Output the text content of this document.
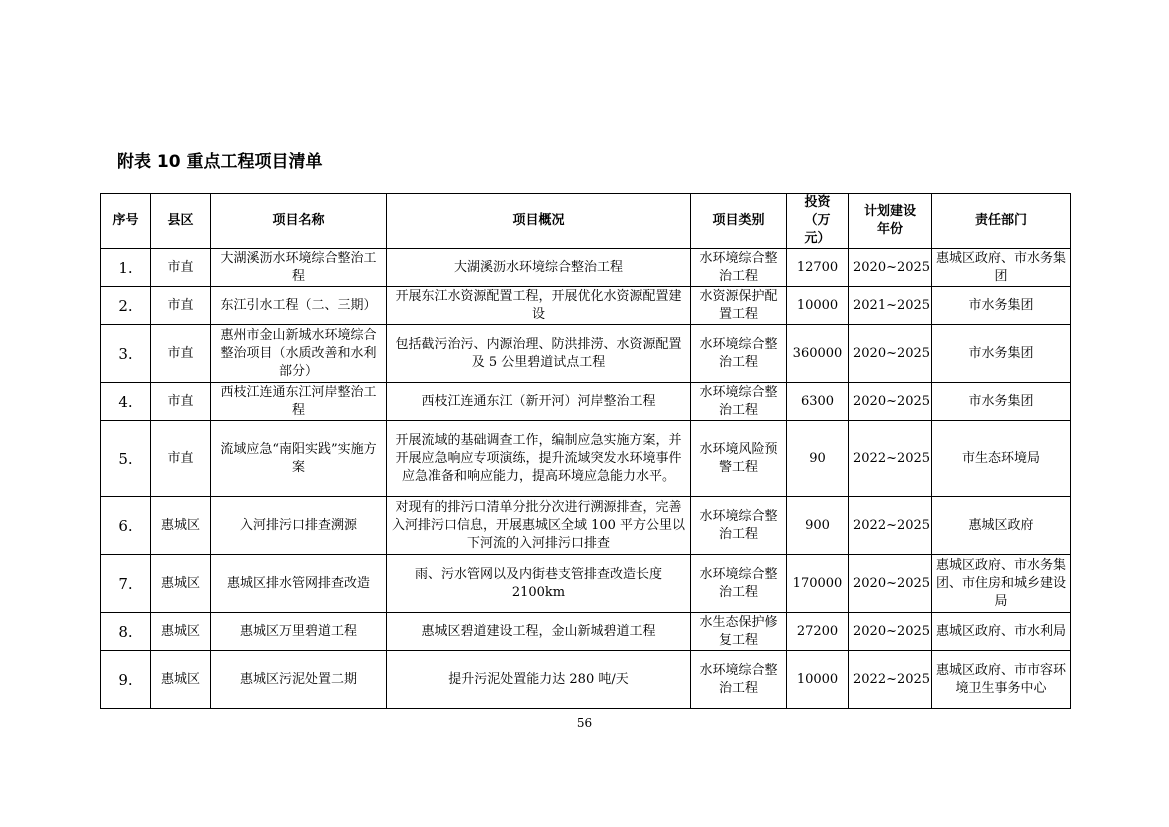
附表 10 重点工程项目清单
序号	县区	项目名称	项目概况	项目类别	投资（万元）	计划建设年份	责任部门
1.	市直	大湖溪沥水环境综合整治工程	大湖溪沥水环境综合整治工程	水环境综合整治工程	12700	2020~2025	惠城区政府、市水务集团
2.	市直	东江引水工程（二、三期）	开展东江水资源配置工程，开展优化水资源配置建设	水资源保护配置工程	10000	2021~2025	市水务集团
3.	市直	惠州市金山新城水环境综合整治项目（水质改善和水利部分）	包括截污治污、内源治理、防洪排涝、水资源配置及 5 公里碧道试点工程	水环境综合整治工程	360000	2020~2025	市水务集团
4.	市直	西枝江连通东江河岸整治工程	西枝江连通东江（新开河）河岸整治工程	水环境综合整治工程	6300	2020~2025	市水务集团
5.	市直	流域应急“南阳实践”实施方案	开展流域的基础调查工作，编制应急实施方案，并开展应急响应专项演练，提升流域突发水环境事件应急准备和响应能力，提高环境应急能力水平。	水环境风险预警工程	90	2022~2025	市生态环境局
6.	惠城区	入河排污口排查溯源	对现有的排污口清单分批分次进行溯源排查，完善入河排污口信息，开展惠城区全域 100 平方公里以下河流的入河排污口排查	水环境综合整治工程	900	2022~2025	惠城区政府
7.	惠城区	惠城区排水管网排查改造	雨、污水管网以及内街巷支管排查改造长度 2100km	水环境综合整治工程	170000	2020~2025	惠城区政府、市水务集团、市住房和城乡建设局
8.	惠城区	惠城区万里碧道工程	惠城区碧道建设工程，金山新城碧道工程	水生态保护修复工程	27200	2020~2025	惠城区政府、市水利局
9.	惠城区	惠城区污泥处置二期	提升污泥处置能力达 280 吨/天	水环境综合整治工程	10000	2022~2025	惠城区政府、市市容环境卫生事务中心
56
